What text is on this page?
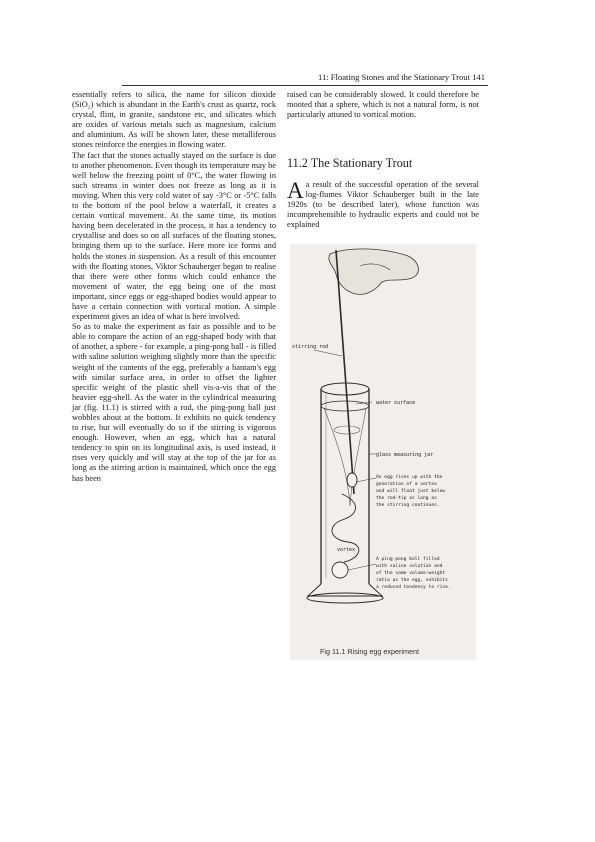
11: Floating Stones and the Stationary Trout 141

essentially refers to silica, the name for silicon dioxide (SiO₂) which is abundant in the Earth's crust as quartz, rock crystal, flint, in granite, sandstone etc, and silicates which are oxides of various metals such as magnesium, calcium and aluminium. As will be shown later, these metalliferous stones reinforce the energies in flowing water.

The fact that the stones actually stayed on the surface is due to another phenomenon. Even though its temperature may be well below the freezing point of 0°C, the water flowing in such streams in winter does not freeze as long as it is moving. When this very cold water of say -3°C or -5°C falls to the bottom of the pool below a waterfall, it creates a certain vortical movement. At the same time, its motion having been decelerated in the process, it has a tendency to crystallise and does so on all surfaces of the floating stones, bringing them up to the surface. Here more ice forms and holds the stones in suspension. As a result of this encounter with the floating stones, Viktor Schauberger began to realise that there were other forms which could enhance the movement of water, the egg being one of the most important, since eggs or egg-shaped bodies would appear to have a certain connection with vortical motion. A simple experiment gives an idea of what is here involved.

So as to make the experiment as fair as possible and to be able to compare the action of an egg-shaped body with that of another, a sphere - for example, a ping-pong ball - is filled with saline solution weighing slightly more than the specific weight of the contents of the egg, preferably a bantam's egg with similar surface area, in order to offset the lighter specific weight of the plastic shell vis-a-vis that of the heavier egg-shell. As the water in the cylindrical measuring jar (fig. 11.1) is stirred with a rod, the ping-pong ball just wobbles about at the bottom. It exhibits no quick tendency to rise, but will eventually do so if the stirring is vigorous enough. However, when an egg, which has a natural tendency to spin on its longitudinal axis, is used instead, it rises very quickly and will stay at the top of the jar for as long as the stirring action is maintained, which once the egg has been

raised can be considerably slowed. It could therefore be mooted that a sphere, which is not a natural form, is not particularly attuned to vortical motion.

11.2 The Stationary Trout

A a result of the successful operation of the several log-flumes Viktor Schauberger built in the late 1920s (to be described later), whose function was incomprehensible to hydraulic experts and could not be explained

stirring rod
water surface
glass measuring jar
An egg rises up with the
generation of a vortex
and will float just below
the rod-tip as long as
the stirring continues.
vortex
A ping-pong ball filled
with saline solution and
of the same volume:weight
ratio as the egg, exhibits
a reduced tendency to rise.
Fig 11.1 Rising egg experiment
